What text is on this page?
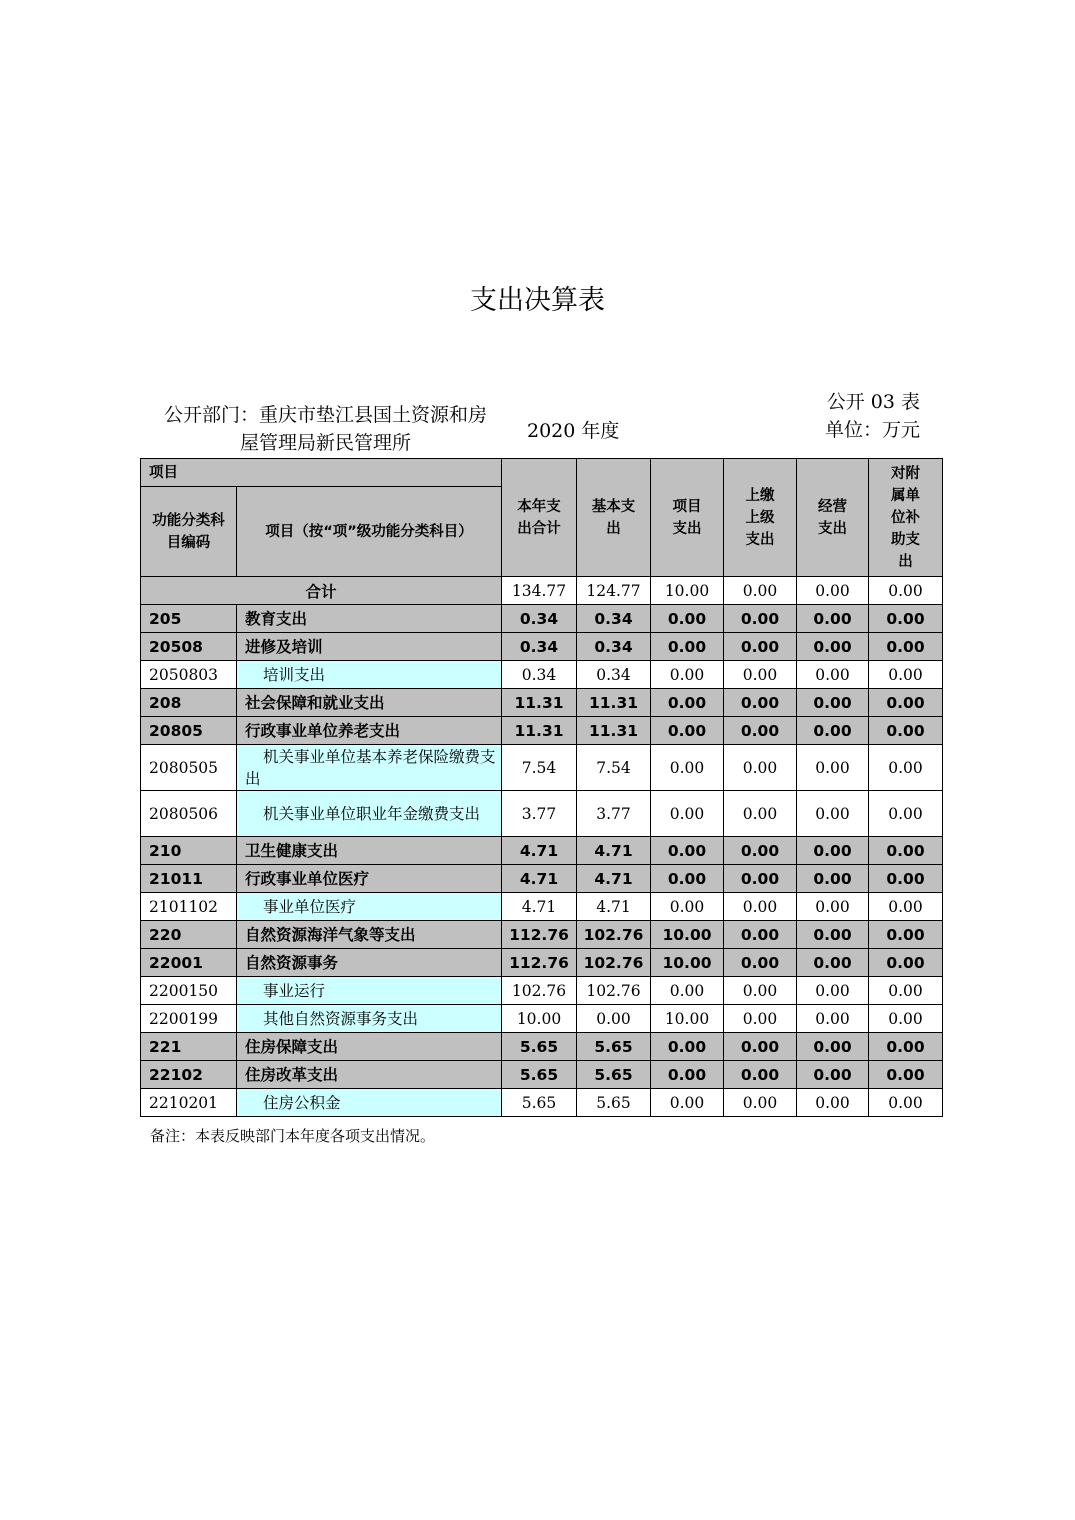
支出决算表
公开部门：重庆市垫江县国土资源和房屋管理局新民管理所
2020 年度
公开 03 表
单位：万元
项目		本年支出合计	基本支出	项目支出	上缴上级支出	经营支出	对附属单位补助支出

功能分类科目编码	项目（按“项”级功能分类科目）						

合计		134.77	124.77	10.00	0.00	0.00	0.00
205	教育支出	0.34	0.34	0.00	0.00	0.00	0.00
20508	进修及培训	0.34	0.34	0.00	0.00	0.00	0.00
2050803	培训支出	0.34	0.34	0.00	0.00	0.00	0.00
208	社会保障和就业支出	11.31	11.31	0.00	0.00	0.00	0.00
20805	行政事业单位养老支出	11.31	11.31	0.00	0.00	0.00	0.00
2080505	机关事业单位基本养老保险缴费支出	7.54	7.54	0.00	0.00	0.00	0.00
2080506	机关事业单位职业年金缴费支出	3.77	3.77	0.00	0.00	0.00	0.00
210	卫生健康支出	4.71	4.71	0.00	0.00	0.00	0.00
21011	行政事业单位医疗	4.71	4.71	0.00	0.00	0.00	0.00
2101102	事业单位医疗	4.71	4.71	0.00	0.00	0.00	0.00
220	自然资源海洋气象等支出	112.76	102.76	10.00	0.00	0.00	0.00
22001	自然资源事务	112.76	102.76	10.00	0.00	0.00	0.00
2200150	事业运行	102.76	102.76	0.00	0.00	0.00	0.00
2200199	其他自然资源事务支出	10.00	0.00	10.00	0.00	0.00	0.00
221	住房保障支出	5.65	5.65	0.00	0.00	0.00	0.00
22102	住房改革支出	5.65	5.65	0.00	0.00	0.00	0.00
2210201	住房公积金	5.65	5.65	0.00	0.00	0.00	0.00
备注：本表反映部门本年度各项支出情况。
